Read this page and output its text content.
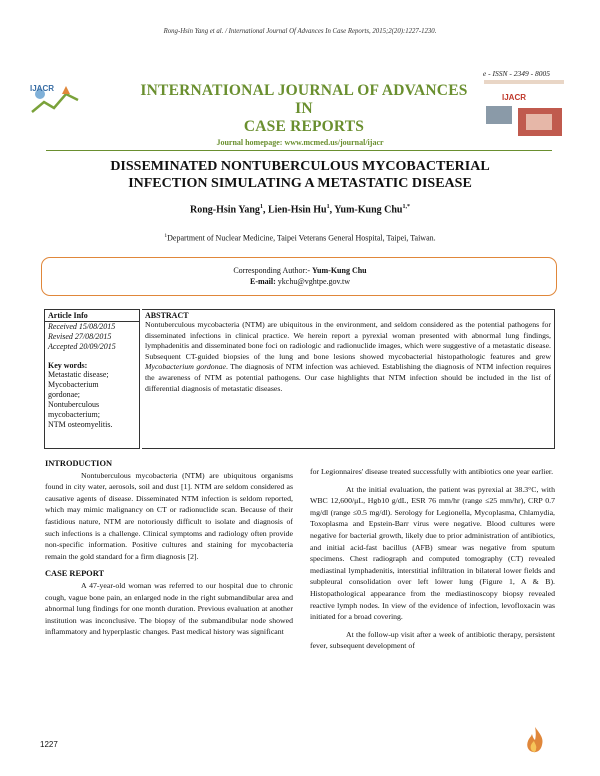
Rong-Hsin Yang et al. / International Journal Of Advances In Case Reports, 2015;2(20):1227-1230.
e - ISSN - 2349 - 8005
IJACR	INTERNATIONAL JOURNAL OF ADVANCES IN
CASE REPORTS
IJACR
Journal homepage: www.mcmed.us/journal/ijacr
DISSEMINATED NONTUBERCULOUS MYCOBACTERIAL
INFECTION SIMULATING A METASTATIC DISEASE
Rong-Hsin Yang$^1$, Lien-Hsin Hu$^1$, Yum-Kung Chu$^{1,*}$
$^1$Department of Nuclear Medicine, Taipei Veterans General Hospital, Taipei, Taiwan.
Corresponding Author:- Yum-Kung Chu
E-mail: ykchu@vghtpe.gov.tw
Article Info
Received 15/08/2015
Revised 27/08/2015
Accepted 20/09/2015
Key words:
Metastatic disease;
Mycobacterium
gordonae;
Nontuberculous
mycobacterium;
NTM osteomyelitis.
ABSTRACT
Nontuberculous mycobacteria (NTM) are ubiquitous in the environment, and seldom considered as the potential pathogens for disseminated infections in clinical practice. We herein report a pyrexial woman presented with abnormal lung findings, lymphadenitis and disseminated bone foci on radiologic and radionuclide images, which were suggestive of a metastatic disease. Subsequent CT-guided biopsies of the lung and bone lesions showed mycobacterial histopathologic features and grew Mycobacterium gordonae. The diagnosis of NTM infection was achieved. Establishing the diagnosis of NTM infection requires the awareness of NTM as potential pathogens. Our case highlights that NTM infection should be included in the list of differential diagnosis of metastatic diseases.
INTRODUCTION

Nontuberculous mycobacteria (NTM) are ubiquitous organisms found in city water, aerosols, soil and dust [1]. NTM are seldom considered as causative agents of disease. Disseminated NTM infection is seldom reported, which may mimic malignancy on CT or radionuclide scan. Because of their fastidious nature, NTM are notoriously difficult to isolate and diagnosis of such infections is a challenge. Clinical symptoms and radiology often provide non-specific information. Positive cultures and staining for mycobacteria remain the gold standard for a firm diagnosis [2].

CASE REPORT

A 47-year-old woman was referred to our hospital due to chronic cough, vague bone pain, an enlarged node in the right submandibular area and abnormal lung findings for one month duration. Previous evaluation at another institution was inconclusive. The biopsy of the submandibular node showed inflammatory and hyperplastic changes. Past medical history was significant

for Legionnaires' disease treated successfully with antibiotics one year earlier.

At the initial evaluation, the patient was pyrexial at 38.3°C, with WBC 12,600/μL, Hgb10 g/dL, ESR 76 mm/hr (range ≤25 mm/hr), CRP 0.7 mg/dl (range ≤0.5 mg/dl). Serology for Legionella, Mycoplasma, Chlamydia, Toxoplasma and Epstein-Barr virus were negative. Blood cultures were negative for bacterial growth, likely due to prior administration of antibiotics, and initial acid-fast bacillus (AFB) smear was negative from sputum specimens. Chest radiograph and computed tomography (CT) revealed mediastinal lymphadenitis, interstitial infiltration in bilateral lower fields and subpleural consolidation over left lower lung (Figure 1, A & B). Histopathological appearance from the mediastinoscopy biopsy revealed reactive lymph nodes. In view of the evidence of infection, levofloxacin was initiated for a broad covering.

At the follow-up visit after a week of antibiotic therapy, persistent fever, subsequent development of

1227
